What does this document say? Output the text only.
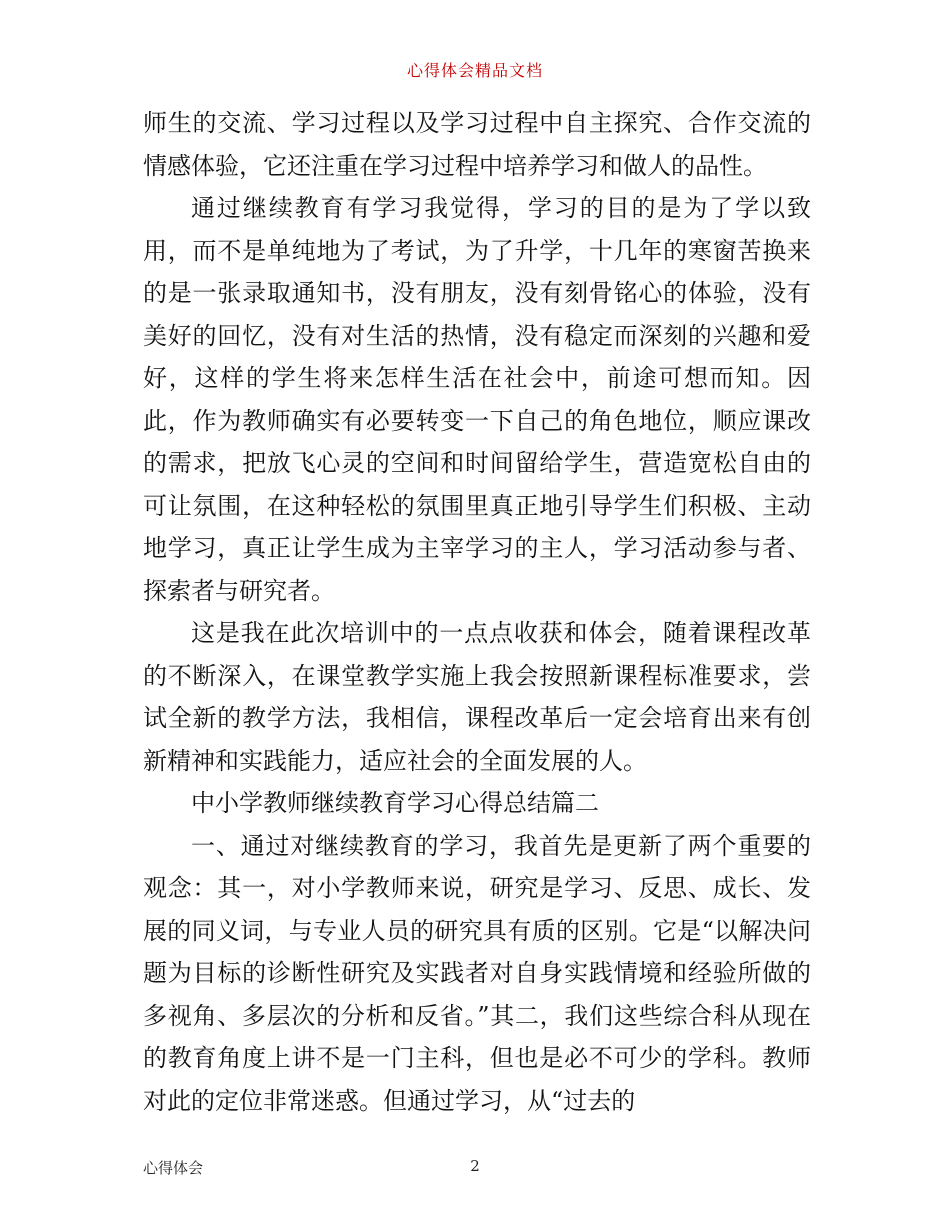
心得体会精品文档

师生的交流、学习过程以及学习过程中自主探究、合作交流的情感体验，它还注重在学习过程中培养学习和做人的品性。

通过继续教育有学习我觉得，学习的目的是为了学以致用，而不是单纯地为了考试，为了升学，十几年的寒窗苦换来的是一张录取通知书，没有朋友，没有刻骨铭心的体验，没有美好的回忆，没有对生活的热情，没有稳定而深刻的兴趣和爱好，这样的学生将来怎样生活在社会中，前途可想而知。因此，作为教师确实有必要转变一下自己的角色地位，顺应课改的需求，把放飞心灵的空间和时间留给学生，营造宽松自由的可让氛围，在这种轻松的氛围里真正地引导学生们积极、主动地学习，真正让学生成为主宰学习的主人，学习活动参与者、探索者与研究者。

这是我在此次培训中的一点点收获和体会，随着课程改革的不断深入，在课堂教学实施上我会按照新课程标准要求，尝试全新的教学方法，我相信，课程改革后一定会培育出来有创新精神和实践能力，适应社会的全面发展的人。

中小学教师继续教育学习心得总结篇二

一、通过对继续教育的学习，我首先是更新了两个重要的观念：其一，对小学教师来说，研究是学习、反思、成长、发展的同义词，与专业人员的研究具有质的区别。它是“以解决问题为目标的诊断性研究及实践者对自身实践情境和经验所做的多视角、多层次的分析和反省。”其二，我们这些综合科从现在的教育角度上讲不是一门主科，但也是必不可少的学科。教师对此的定位非常迷惑。但通过学习，从“过去的

心得体会	2
